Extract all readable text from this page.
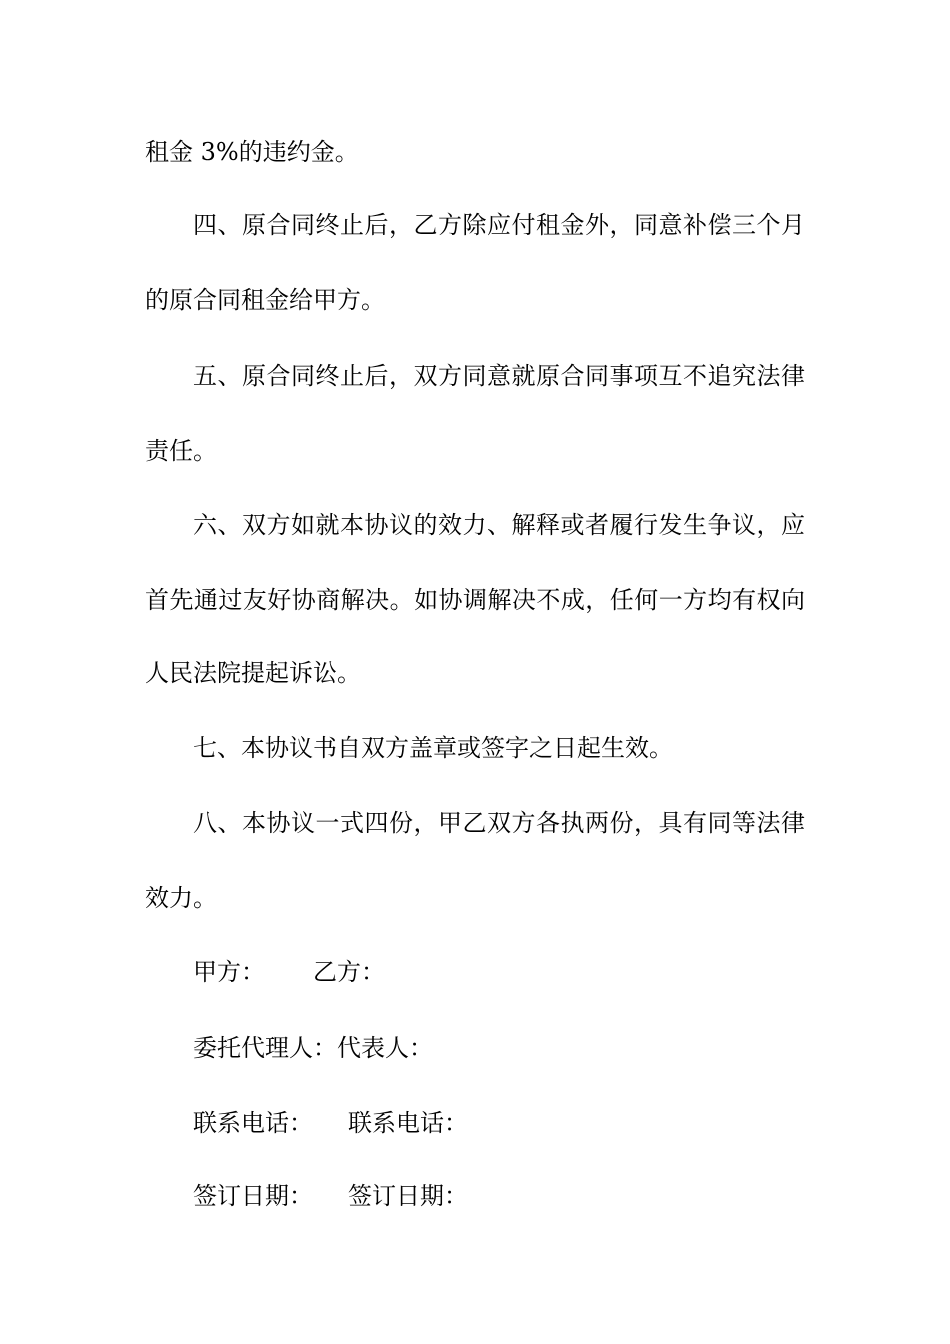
租金 3%的违约金。
四、原合同终止后，乙方除应付租金外，同意补偿三个月
的原合同租金给甲方。
五、原合同终止后，双方同意就原合同事项互不追究法律
责任。
六、双方如就本协议的效力、解释或者履行发生争议，应
首先通过友好协商解决。如协调解决不成，任何一方均有权向
人民法院提起诉讼。
七、本协议书自双方盖章或签字之日起生效。
八、本协议一式四份，甲乙双方各执两份，具有同等法律
效力。
甲方： 乙方：
委托代理人： 代表人：
联系电话： 联系电话：
签订日期： 签订日期：
